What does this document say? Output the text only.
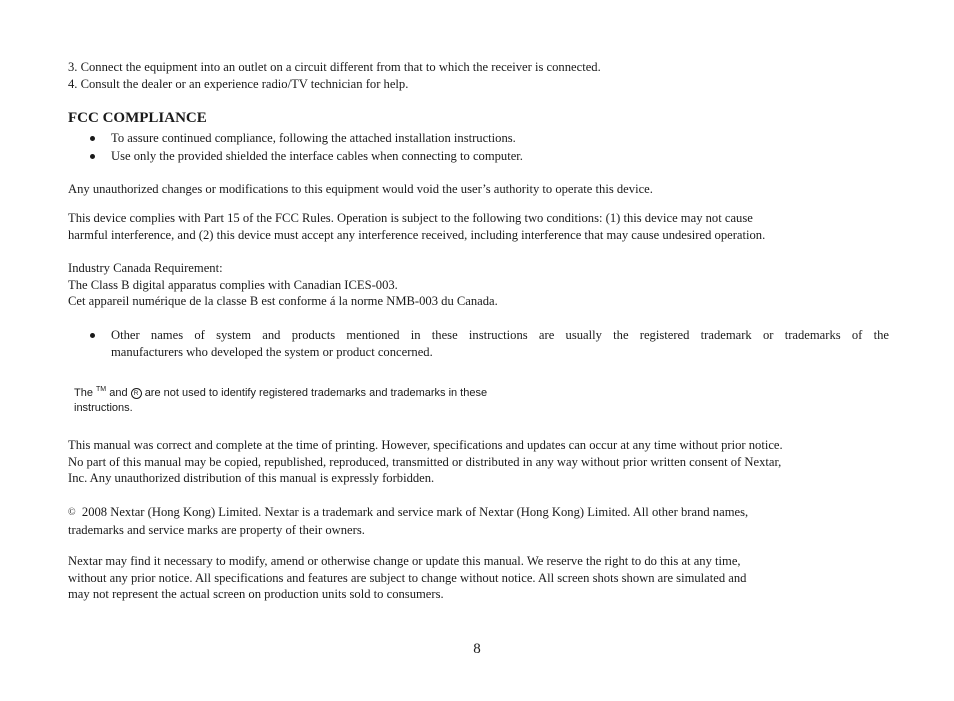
3. Connect the equipment into an outlet on a circuit different from that to which the receiver is connected.
4. Consult the dealer or an experience radio/TV technician for help.
FCC COMPLIANCE
To assure continued compliance, following the attached installation instructions.
Use only the provided shielded the interface cables when connecting to computer.
Any unauthorized changes or modifications to this equipment would void the user’s authority to operate this device.
This device complies with Part 15 of the FCC Rules. Operation is subject to the following two conditions: (1) this device may not cause
harmful interference, and (2) this device must accept any interference received, including interference that may cause undesired operation.
Industry Canada Requirement:
The Class B digital apparatus complies with Canadian ICES-003.
Cet appareil numérique de la classe B est conforme á la norme NMB-003 du Canada.
Other names of system and products mentioned in these instructions are usually the registered trademark or trademarks of the
manufacturers who developed the system or product concerned.
The ™ and R are not used to identify registered trademarks and trademarks in these
instructions.
This manual was correct and complete at the time of printing. However, specifications and updates can occur at any time without prior notice.
No part of this manual may be copied, republished, reproduced, transmitted or distributed in any way without prior written consent of Nextar,
Inc. Any unauthorized distribution of this manual is expressly forbidden.
© 2008 Nextar (Hong Kong) Limited. Nextar is a trademark and service mark of Nextar (Hong Kong) Limited. All other brand names,
trademarks and service marks are property of their owners.
Nextar may find it necessary to modify, amend or otherwise change or update this manual. We reserve the right to do this at any time,
without any prior notice. All specifications and features are subject to change without notice. All screen shots shown are simulated and
may not represent the actual screen on production units sold to consumers.
8
